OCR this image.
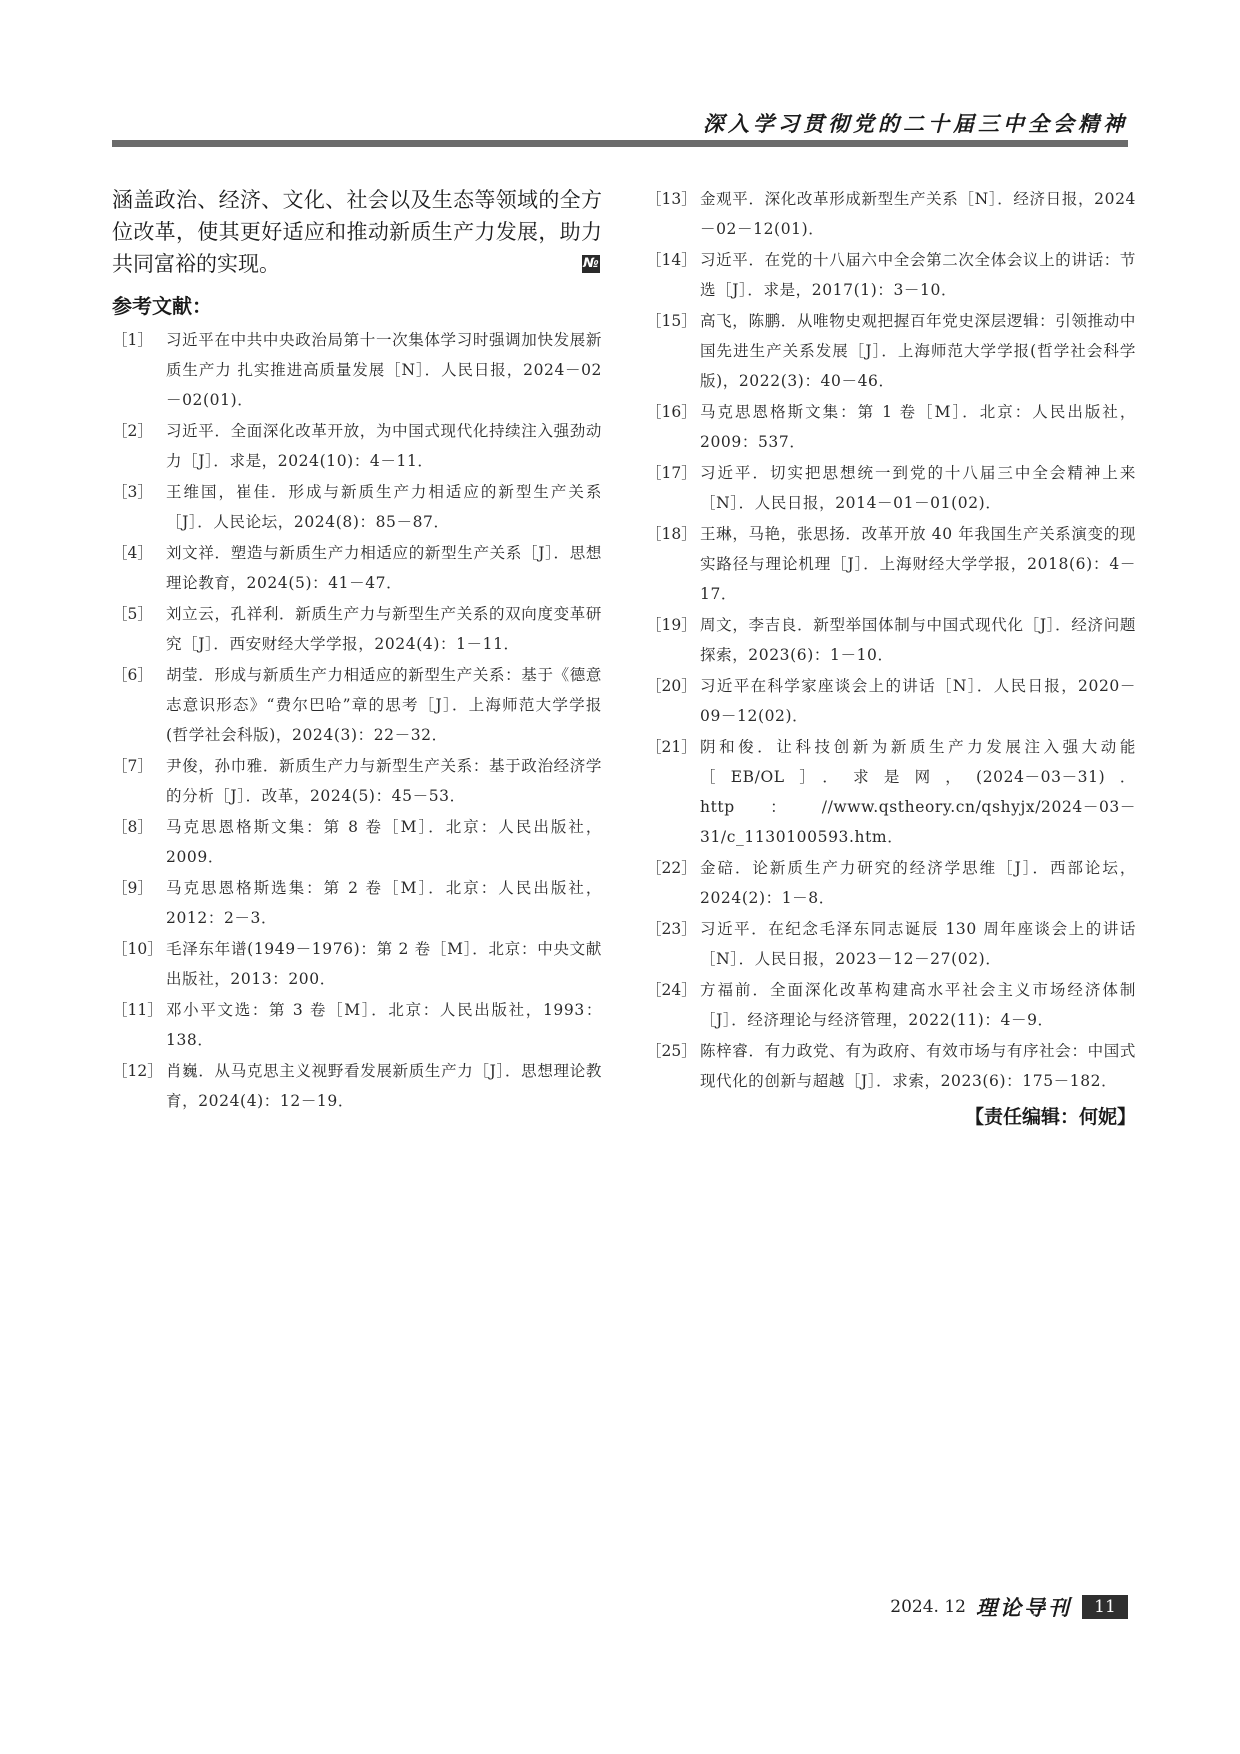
深入学习贯彻党的二十届三中全会精神

涵盖政治、经济、文化、社会以及生态等领域的全方位改革，使其更好适应和推动新质生产力发展，助力共同富裕的实现。	№

参考文献：
［1］ 习近平在中共中央政治局第十一次集体学习时强调加快发展新质生产力 扎实推进高质量发展［N］．人民日报，2024－02－02(01)．
［2］ 习近平．全面深化改革开放，为中国式现代化持续注入强劲动力［J］．求是，2024(10)：4－11．
［3］ 王维国，崔佳．形成与新质生产力相适应的新型生产关系［J］．人民论坛，2024(8)：85－87．
［4］ 刘文祥．塑造与新质生产力相适应的新型生产关系［J］．思想理论教育，2024(5)：41－47．
［5］ 刘立云，孔祥利．新质生产力与新型生产关系的双向度变革研究［J］．西安财经大学学报，2024(4)：1－11．
［6］ 胡莹．形成与新质生产力相适应的新型生产关系：基于《德意志意识形态》“费尔巴哈”章的思考［J］．上海师范大学学报(哲学社会科版)，2024(3)：22－32．
［7］ 尹俊，孙巾雅．新质生产力与新型生产关系：基于政治经济学的分析［J］．改革，2024(5)：45－53．
［8］ 马克思恩格斯文集：第 8 卷［M］．北京：人民出版社，2009．
［9］ 马克思恩格斯选集：第 2 卷［M］．北京：人民出版社，2012：2－3．
［10］ 毛泽东年谱(1949－1976)：第 2 卷［M］．北京：中央文献出版社，2013：200．
［11］ 邓小平文选：第 3 卷［M］．北京：人民出版社，1993：138．
［12］ 肖巍．从马克思主义视野看发展新质生产力［J］．思想理论教育，2024(4)：12－19．
［13］ 金观平．深化改革形成新型生产关系［N］．经济日报，2024－02－12(01)．
［14］ 习近平．在党的十八届六中全会第二次全体会议上的讲话：节选［J］．求是，2017(1)：3－10．
［15］ 高飞，陈鹏．从唯物史观把握百年党史深层逻辑：引领推动中国先进生产关系发展［J］．上海师范大学学报(哲学社会科学版)，2022(3)：40－46．
［16］ 马克思恩格斯文集：第 1 卷［M］．北京：人民出版社，2009：537．
［17］ 习近平．切实把思想统一到党的十八届三中全会精神上来［N］．人民日报，2014－01－01(02)．
［18］ 王琳，马艳，张思扬．改革开放 40 年我国生产关系演变的现实路径与理论机理［J］．上海财经大学学报，2018(6)：4－17．
［19］ 周文，李吉良．新型举国体制与中国式现代化［J］．经济问题探索，2023(6)：1－10．
［20］ 习近平在科学家座谈会上的讲话［N］．人民日报，2020－09－12(02)．
［21］ 阴和俊．让科技创新为新质生产力发展注入强大动能［EB/OL］．求是网，(2024－03－31)．http：//www.qstheory.cn/qshyjx/2024－03－31/c_1130100593.htm．
［22］ 金碚．论新质生产力研究的经济学思维［J］．西部论坛，2024(2)：1－8．
［23］ 习近平．在纪念毛泽东同志诞辰 130 周年座谈会上的讲话［N］．人民日报，2023－12－27(02)．
［24］ 方福前．全面深化改革构建高水平社会主义市场经济体制［J］．经济理论与经济管理，2022(11)：4－9．
［25］ 陈梓睿．有力政党、有为政府、有效市场与有序社会：中国式现代化的创新与超越［J］．求索，2023(6)：175－182．
【责任编辑：何妮】
2024. 12 理论导刊	11
